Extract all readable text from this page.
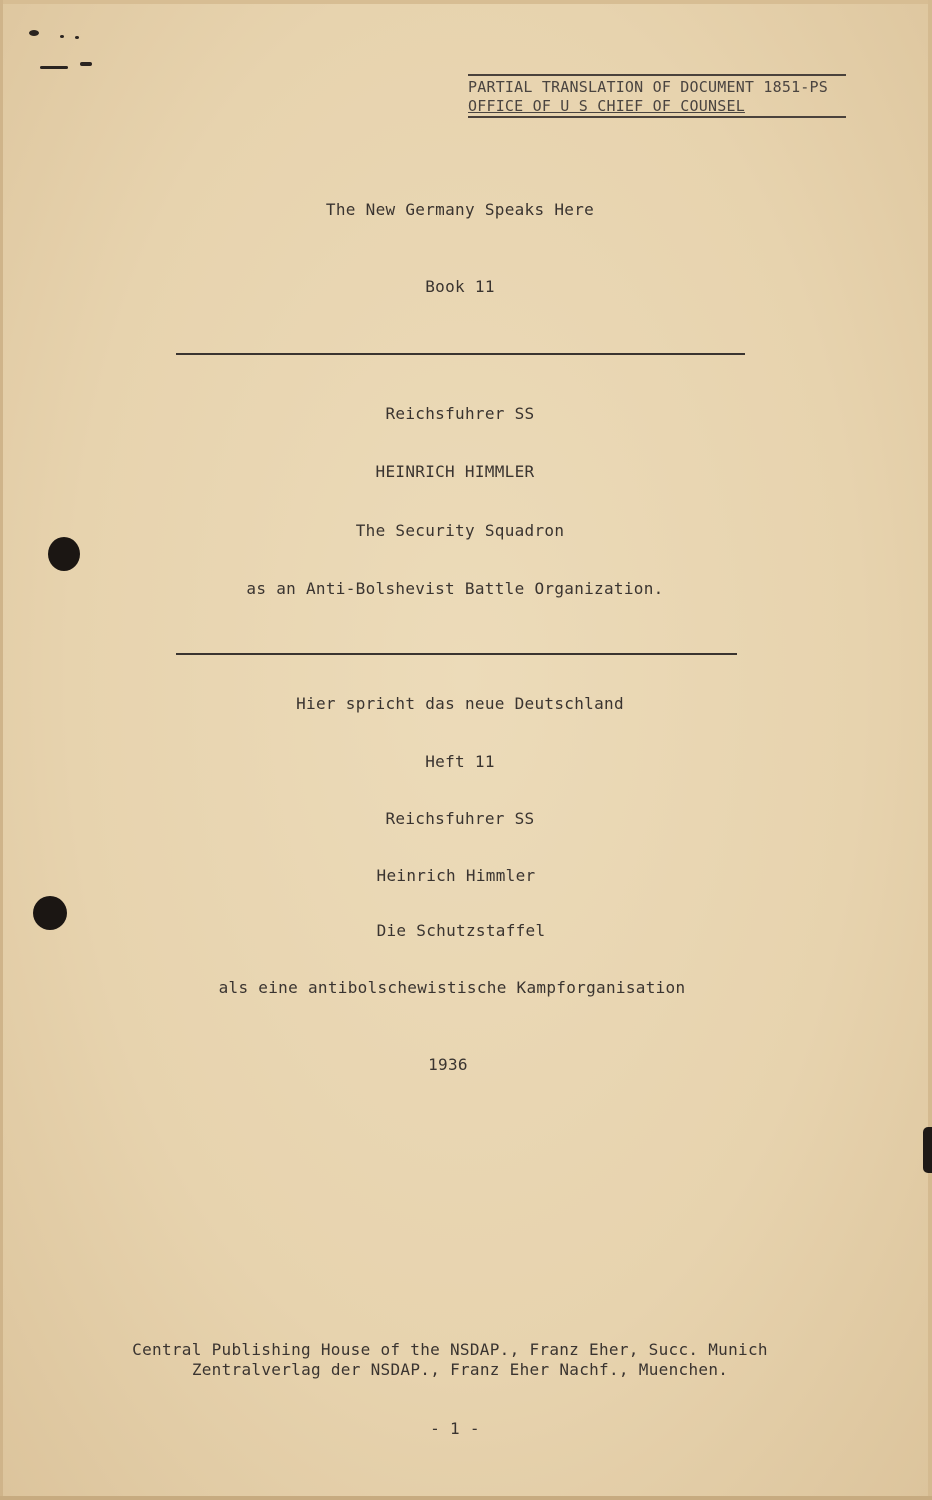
PARTIAL TRANSLATION OF DOCUMENT 1851-PS
OFFICE OF U S CHIEF OF COUNSEL
The New Germany Speaks Here
Book 11
Reichsfuhrer SS
HEINRICH HIMMLER
The Security Squadron
as an Anti-Bolshevist Battle Organization.
Hier spricht das neue Deutschland
Heft 11
Reichsfuhrer SS
Heinrich Himmler
Die Schutzstaffel
als eine antibolschewistische Kampforganisation
1936
Central Publishing House of the NSDAP., Franz Eher, Succ. Munich
Zentralverlag der NSDAP., Franz Eher Nachf., Muenchen.
- 1 -
